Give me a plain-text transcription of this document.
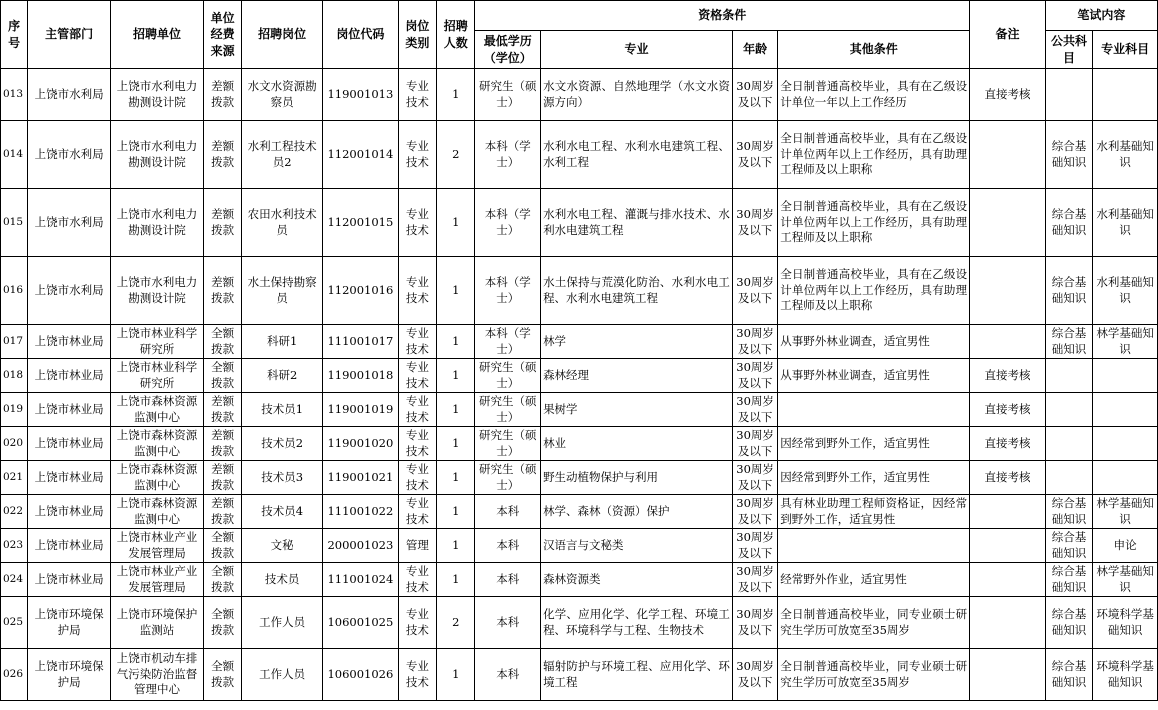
序号	主管部门	招聘单位	单位经费来源	招聘岗位	岗位代码	岗位类别	招聘人数	资格条件				备注	笔试内容	
								最低学历（学位）	专业	年龄	其他条件		公共科目	专业科目
013	上饶市水利局	上饶市水利电力勘测设计院	差额拨款	水文水资源勘察员	119001013	专业技术	1	研究生（硕士）	水文水资源、自然地理学（水文水资源方向）	30周岁及以下	全日制普通高校毕业，具有在乙级设计单位一年以上工作经历	直接考核		
014	上饶市水利局	上饶市水利电力勘测设计院	差额拨款	水利工程技术员2	112001014	专业技术	2	本科（学士）	水利水电工程、水利水电建筑工程、水利工程	30周岁及以下	全日制普通高校毕业，具有在乙级设计单位两年以上工作经历，具有助理工程师及以上职称		综合基础知识	水利基础知识
015	上饶市水利局	上饶市水利电力勘测设计院	差额拨款	农田水利技术员	112001015	专业技术	1	本科（学士）	水利水电工程、灌溉与排水技术、水利水电建筑工程	30周岁及以下	全日制普通高校毕业，具有在乙级设计单位两年以上工作经历，具有助理工程师及以上职称		综合基础知识	水利基础知识
016	上饶市水利局	上饶市水利电力勘测设计院	差额拨款	水土保持勘察员	112001016	专业技术	1	本科（学士）	水土保持与荒漠化防治、水利水电工程、水利水电建筑工程	30周岁及以下	全日制普通高校毕业，具有在乙级设计单位两年以上工作经历，具有助理工程师及以上职称		综合基础知识	水利基础知识
017	上饶市林业局	上饶市林业科学研究所	全额拨款	科研1	111001017	专业技术	1	本科（学士）	林学	30周岁及以下	从事野外林业调查，适宜男性		综合基础知识	林学基础知识
018	上饶市林业局	上饶市林业科学研究所	全额拨款	科研2	119001018	专业技术	1	研究生（硕士）	森林经理	30周岁及以下	从事野外林业调查，适宜男性	直接考核		
019	上饶市林业局	上饶市森林资源监测中心	差额拨款	技术员1	119001019	专业技术	1	研究生（硕士）	果树学	30周岁及以下		直接考核		
020	上饶市林业局	上饶市森林资源监测中心	差额拨款	技术员2	119001020	专业技术	1	研究生（硕士）	林业	30周岁及以下	因经常到野外工作，适宜男性	直接考核		
021	上饶市林业局	上饶市森林资源监测中心	差额拨款	技术员3	119001021	专业技术	1	研究生（硕士）	野生动植物保护与利用	30周岁及以下	因经常到野外工作，适宜男性	直接考核		
022	上饶市林业局	上饶市森林资源监测中心	差额拨款	技术员4	111001022	专业技术	1	本科	林学、森林（资源）保护	30周岁及以下	具有林业助理工程师资格证，因经常到野外工作，适宜男性		综合基础知识	林学基础知识
023	上饶市林业局	上饶市林业产业发展管理局	全额拨款	文秘	200001023	管理	1	本科	汉语言与文秘类	30周岁及以下			综合基础知识	申论
024	上饶市林业局	上饶市林业产业发展管理局	全额拨款	技术员	111001024	专业技术	1	本科	森林资源类	30周岁及以下	经常野外作业，适宜男性		综合基础知识	林学基础知识
025	上饶市环境保护局	上饶市环境保护监测站	全额拨款	工作人员	106001025	专业技术	2	本科	化学、应用化学、化学工程、环境工程、环境科学与工程、生物技术	30周岁及以下	全日制普通高校毕业，同专业硕士研究生学历可放宽至35周岁		综合基础知识	环境科学基础知识
026	上饶市环境保护局	上饶市机动车排气污染防治监督管理中心	全额拨款	工作人员	106001026	专业技术	1	本科	辐射防护与环境工程、应用化学、环境工程	30周岁及以下	全日制普通高校毕业，同专业硕士研究生学历可放宽至35周岁		综合基础知识	环境科学基础知识
